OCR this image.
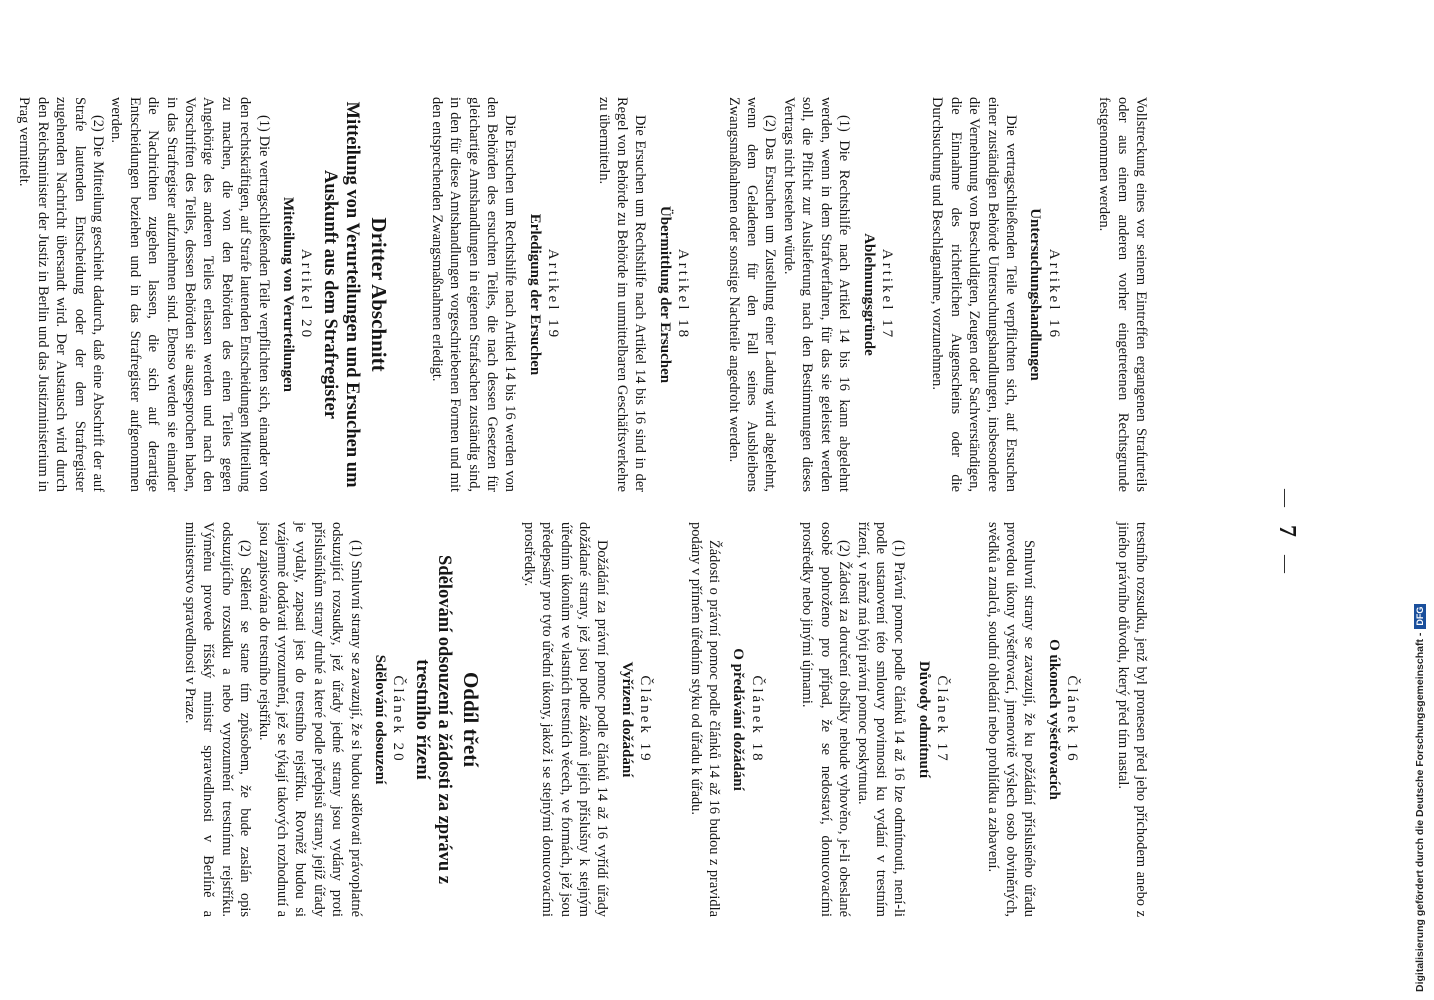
— 7 —

Vollstreckung eines vor seinem Eintreffen ergangenen Strafurteils oder aus einem anderen vorher eingetretenen Rechtsgrunde festgenommen werden.

Artikel 16
Untersuchungshandlungen

Die vertragschließenden Teile verpflichten sich, auf Ersuchen einer zuständigen Behörde Untersuchungshandlungen, insbesondere die Vernehmung von Beschuldigten, Zeugen oder Sachverständigen, die Einnahme des richterlichen Augenscheins oder die Durchsuchung und Beschlagnahme, vorzunehmen.

Artikel 17
Ablehnungsgründe

(1) Die Rechtshilfe nach Artikel 14 bis 16 kann abgelehnt werden, wenn in dem Strafverfahren, für das sie geleistet werden soll, die Pflicht zur Auslieferung nach den Bestimmungen dieses Vertrags nicht bestehen würde.

(2) Das Ersuchen um Zustellung einer Ladung wird abgelehnt, wenn dem Geladenen für den Fall seines Ausbleibens Zwangsmaßnahmen oder sonstige Nachteile angedroht werden.

Artikel 18
Übermittlung der Ersuchen

Die Ersuchen um Rechtshilfe nach Artikel 14 bis 16 sind in der Regel von Behörde zu Behörde im unmittelbaren Geschäftsverkehre zu übermitteln.

Artikel 19
Erledigung der Ersuchen

Die Ersuchen um Rechtshilfe nach Artikel 14 bis 16 werden von den Behörden des ersuchten Teiles, die nach dessen Gesetzen für gleichartige Amtshandlungen in eigenen Strafsachen zuständig sind, in den für diese Amtshandlungen vorgeschriebenen Formen und mit den entsprechenden Zwangsmaßnahmen erledigt.

Dritter Abschnitt
Mitteilung von Verurteilungen und Ersuchen um Auskunft aus dem Strafregister
Artikel 20
Mitteilung von Verurteilungen

(1) Die vertragschließenden Teile verpflichten sich, einander von den rechtskräftigen, auf Strafe lautenden Entscheidungen Mitteilung zu machen, die von den Behörden des einen Teiles gegen Angehörige des anderen Teiles erlassen werden und nach den Vorschriften des Teiles, dessen Behörden sie ausgesprochen haben, in das Strafregister aufzunehmen sind. Ebenso werden sie einander die Nachrichten zugehen lassen, die sich auf derartige Entscheidungen beziehen und in das Strafregister aufgenommen werden.

(2) Die Mitteilung geschieht dadurch, daß eine Abschrift der auf Strafe lautenden Entscheidung oder der dem Strafregister zugehenden Nachricht übersandt wird. Der Austausch wird durch den Reichsminister der Justiz in Berlin und das Justizministerium in Prag vermittelt.

trestního rozsudku, jenž byl pronesen před jeho příchodem anebo z jiného právního důvodu, který před tím nastal.

Článek 16
O úkonech vyšetřovacích

Smluvní strany se zavazují, že ku požádání příslušného úřadu provedou úkony vyšetřovací, jmenovitě výslech osob obviněných, svědků a znalců, soudní ohledání nebo prohlídku a zabavení.

Článek 17
Důvody odmítnutí

(1) Právní pomoc podle článků 14 až 16 lze odmítnouti, není-li podle ustanovení této smlouvy povinnosti ku vydání v trestním řízení, v němž má býti právní pomoc poskytnuta.

(2) Žádosti za doručení obsílky nebude vyhověno, je-li obeslané osobě pohroženo pro případ, že se nedostaví, donucovacími prostředky nebo jinými újmami.

Článek 18
O předávání dožádání

Žádosti o právní pomoc podle článků 14 až 16 budou z pravidla podány v přímém úředním styku od úřadu k úřadu.

Článek 19
Vyřízení dožádání

Dožádání za právní pomoc podle článků 14 až 16 vyřídí úřady dožádané strany, jež jsou podle zákonů jejích příslušny k stejným úředním úkonům ve vlastních trestních věcech, ve formách, jež jsou předepsány pro tyto úřední úkony, jakož i se stejnými donucovacími prostředky.

Oddíl třetí
Sdělování odsouzení a žádosti za zprávu z trestního řízení
Článek 20
Sdělování odsouzení

(1) Smluvní strany se zavazují, že si budou sdělovati právoplatné odsuzující rozsudky, jež úřady jedné strany jsou vydány proti příslušníkům strany druhé a které podle předpisů strany, jejíž úřady je vydaly, zapsati jest do trestního rejstříku. Rovněž budou si vzájemně dodávati vyrozumění, jež se týkají takových rozhodnutí a jsou zapisována do trestního rejstříku.

(2) Sdělení se stane tím způsobem, že bude zaslán opis odsuzujícího rozsudku a nebo vyrozumění trestnímu rejstříku. Výměnu provede říšský ministr spravedlnosti v Berlíně a ministerstvo spravedlnosti v Praze.

Digitalisierung gefördert durch die Deutsche Forschungsgemeinschaft -DFG
